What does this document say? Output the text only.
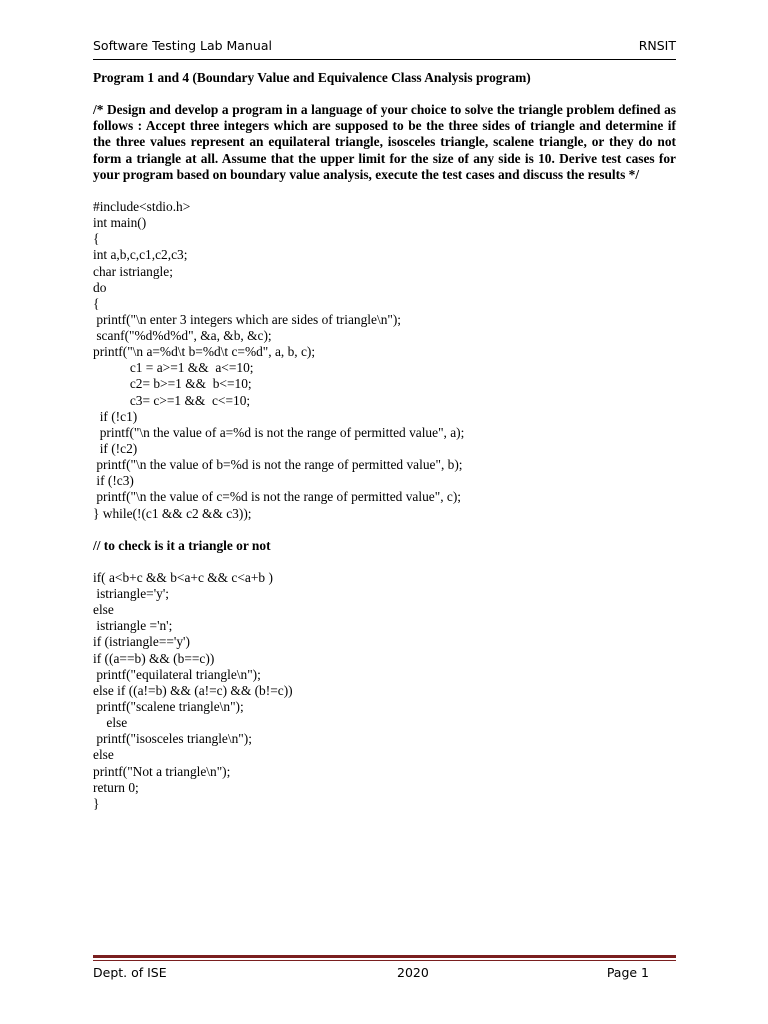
Software Testing Lab Manual	RNSIT

Program 1 and 4 (Boundary Value and Equivalence Class Analysis program)

/* Design and develop a program in a language of your choice to solve the triangle problem defined as follows : Accept three integers which are supposed to be the three sides of triangle and determine if the three values represent an equilateral triangle, isosceles triangle, scalene triangle, or they do not form a triangle at all. Assume that the upper limit for the size of any side is 10. Derive test cases for your program based on boundary value analysis, execute the test cases and discuss the results */

#include<stdio.h>
int main()
{
int a,b,c,c1,c2,c3;
char istriangle;
do
{
printf("\n enter 3 integers which are sides of triangle\n");
scanf("%d%d%d", &a, &b, &c);
printf("\n a=%d\t b=%d\t c=%d", a, b, c);
c1 = a>=1 &&  a<=10;
c2= b>=1 &&  b<=10;
c3= c>=1 &&  c<=10;
if (!c1)
printf("\n the value of a=%d is not the range of permitted value", a);
if (!c2)
printf("\n the value of b=%d is not the range of permitted value", b);
if (!c3)
printf("\n the value of c=%d is not the range of permitted value", c);
} while(!(c1 && c2 && c3));

// to check is it a triangle or not

if( a<b+c && b<a+c && c<a+b )
istriangle='y';
else
istriangle ='n';
if (istriangle=='y')
if ((a==b) && (b==c))
printf("equilateral triangle\n");
else if ((a!=b) && (a!=c) && (b!=c))
printf("scalene triangle\n");
else
printf("isosceles triangle\n");
else
printf("Not a triangle\n");
return 0;
}
Dept. of ISE	2020	Page 1
